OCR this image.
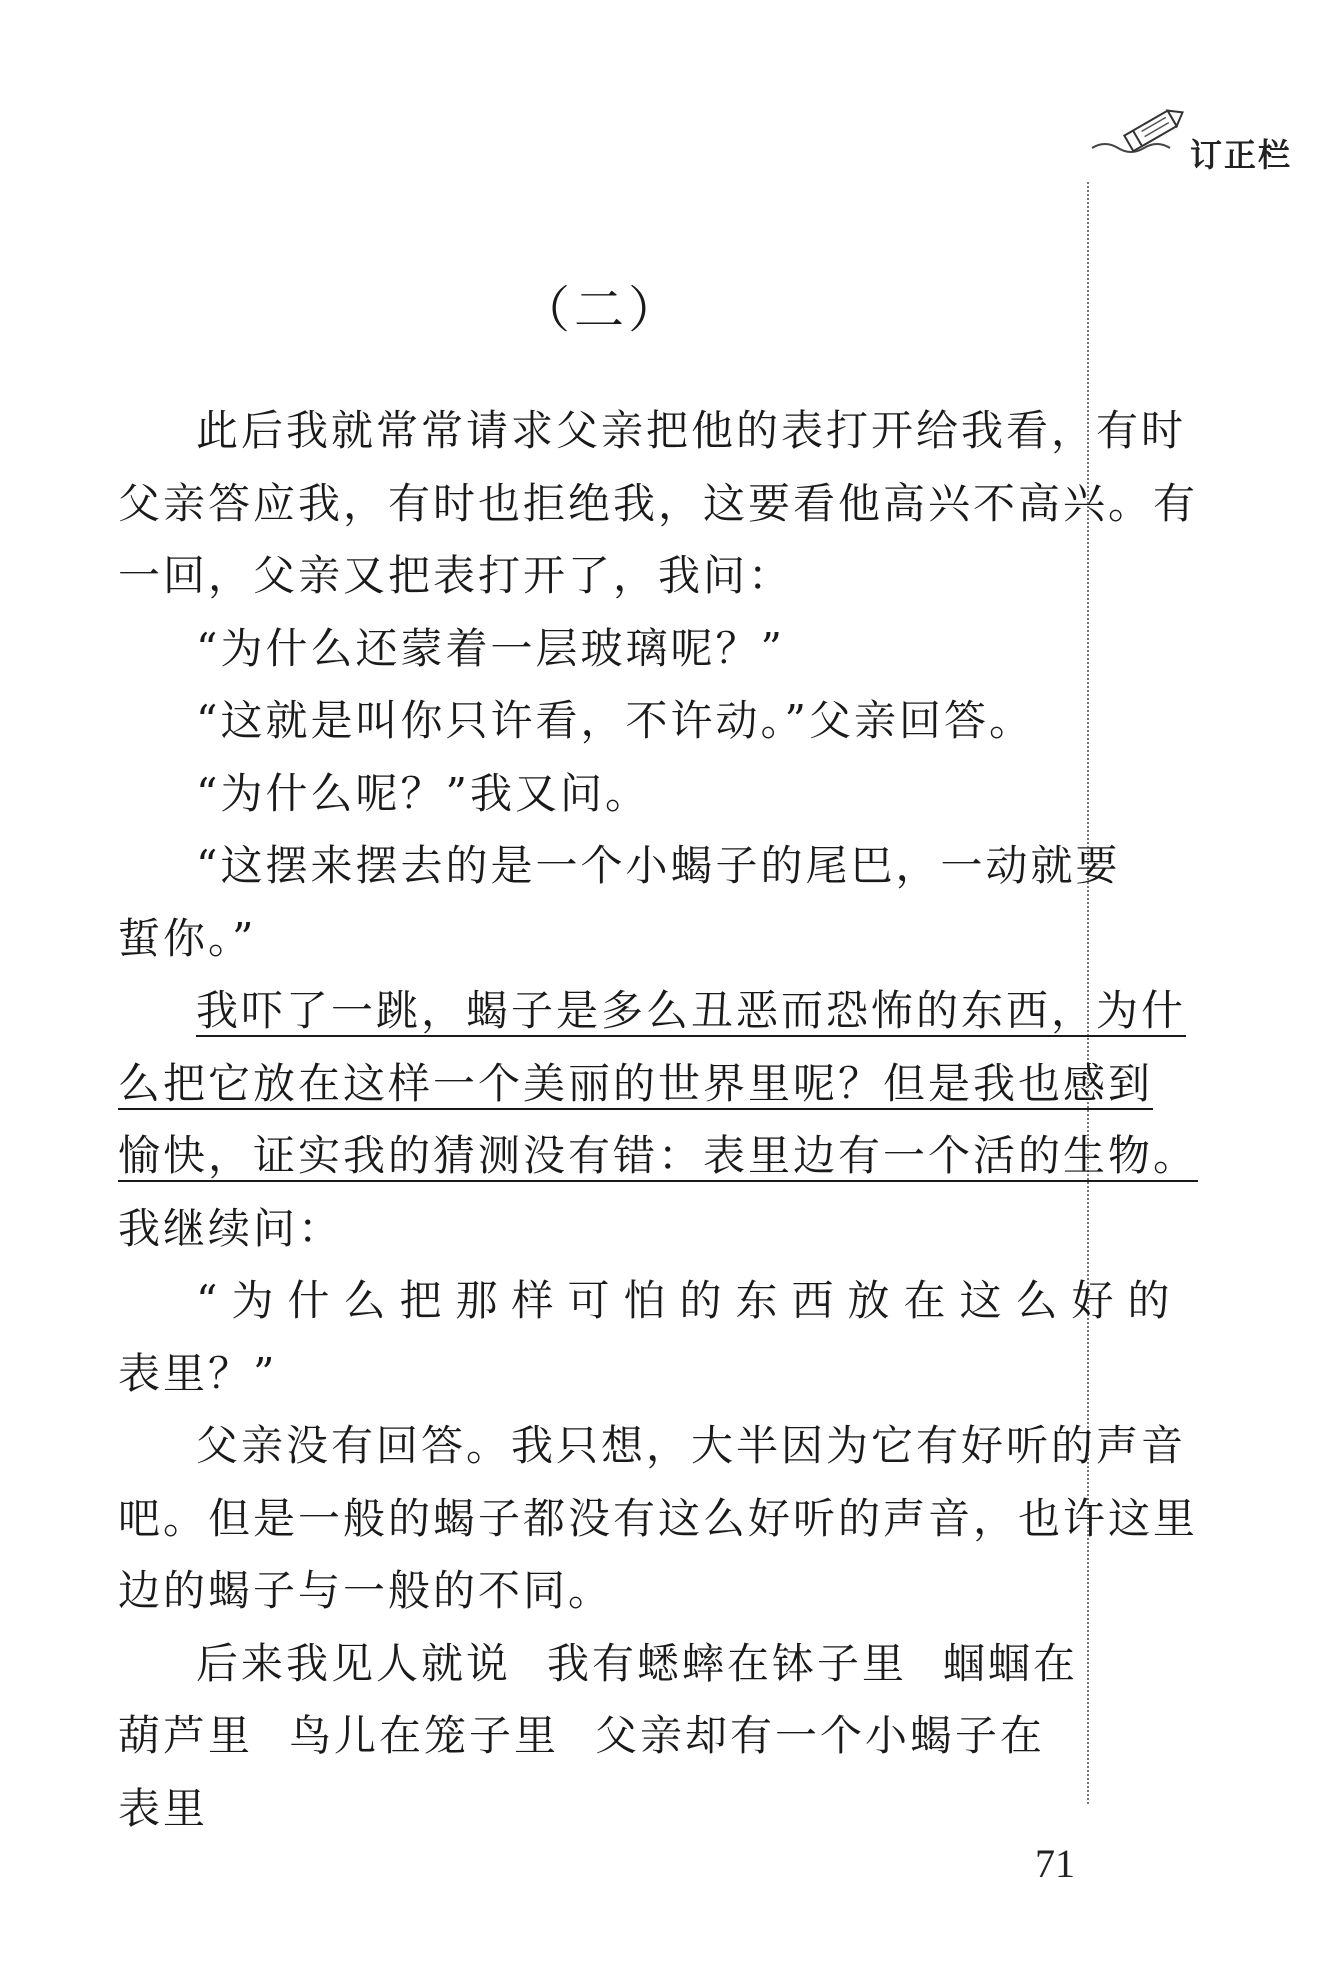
订正栏
（二）
此后我就常常请求父亲把他的表打开给我看，有时
父亲答应我，有时也拒绝我，这要看他高兴不高兴。有
一回，父亲又把表打开了，我问：
“为什么还蒙着一层玻璃呢？”
“这就是叫你只许看，不许动。”父亲回答。
“为什么呢？”我又问。
“这摆来摆去的是一个小蝎子的尾巴，一动就要
蜇你。”
我吓了一跳，蝎子是多么丑恶而恐怖的东西，为什
么把它放在这样一个美丽的世界里呢？但是我也感到
愉快，证实我的猜测没有错：表里边有一个活的生物。
我继续问：
“为什么把那样可怕的东西放在这么好的
表里？”
父亲没有回答。我只想，大半因为它有好听的声音
吧。但是一般的蝎子都没有这么好听的声音，也许这里
边的蝎子与一般的不同。
后来我见人就说 我有蟋蟀在钵子里 蝈蝈在
葫芦里 鸟儿在笼子里 父亲却有一个小蝎子在
表里
71
